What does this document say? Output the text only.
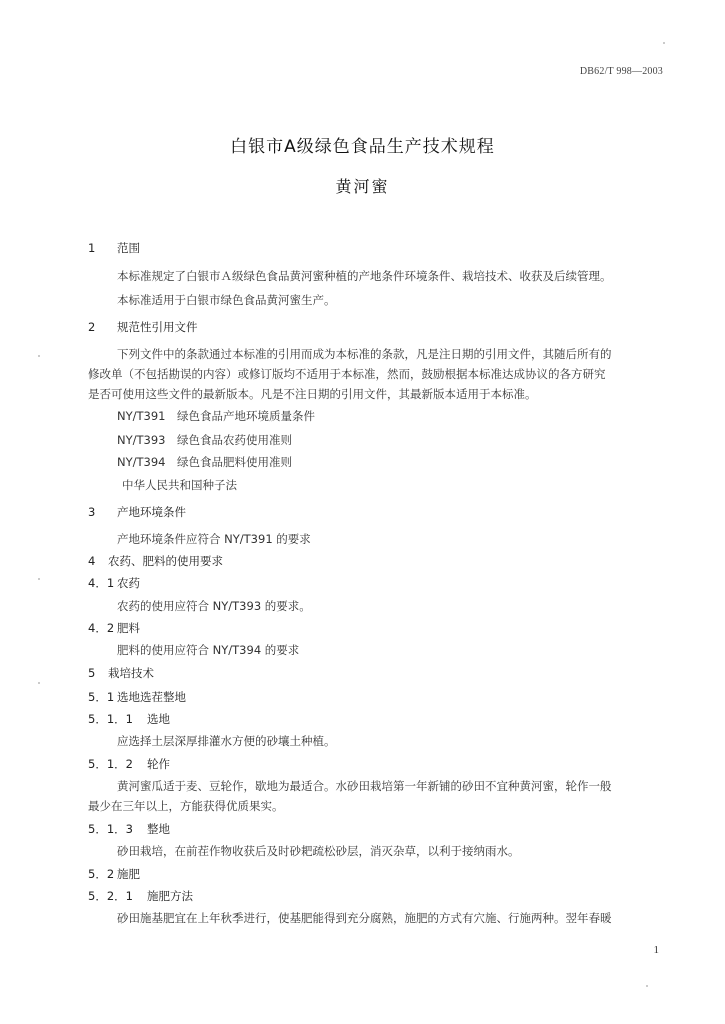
DB62/T 998—2003
白银市A级绿色食品生产技术规程
黄河蜜
1 范围
本标准规定了白银市Ａ级绿色食品黄河蜜种植的产地条件环境条件、栽培技术、收获及后续管理。
本标准适用于白银市绿色食品黄河蜜生产。
2 规范性引用文件
下列文件中的条款通过本标准的引用而成为本标准的条款，凡是注日期的引用文件，其随后所有的
修改单（不包括勘误的内容）或修订版均不适用于本标准，然而，鼓励根据本标准达成协议的各方研究
是否可使用这些文件的最新版本。凡是不注日期的引用文件，其最新版本适用于本标准。
NY/T391　绿色食品产地环境质量条件
NY/T393　绿色食品农药使用准则
NY/T394　绿色食品肥料使用准则
中华人民共和国种子法
3 产地环境条件
产地环境条件应符合 NY/T391 的要求
4 农药、肥料的使用要求
4．1 农药
农药的使用应符合 NY/T393 的要求。
4．2 肥料
肥料的使用应符合 NY/T394 的要求
5 栽培技术
5．1 选地选茬整地
5．1．1 选地
应选择土层深厚排灌水方便的砂壤土种植。
5．1．2 轮作
黄河蜜瓜适于麦、豆轮作，歇地为最适合。水砂田栽培第一年新铺的砂田不宜种黄河蜜，轮作一般
最少在三年以上，方能获得优质果实。
5．1．3 整地
砂田栽培，在前茬作物收获后及时砂耙疏松砂层，消灭杂草，以利于接纳雨水。
5．2 施肥
5．2．1 施肥方法
砂田施基肥宜在上年秋季进行，使基肥能得到充分腐熟，施肥的方式有穴施、行施两种。翌年春暖
1
